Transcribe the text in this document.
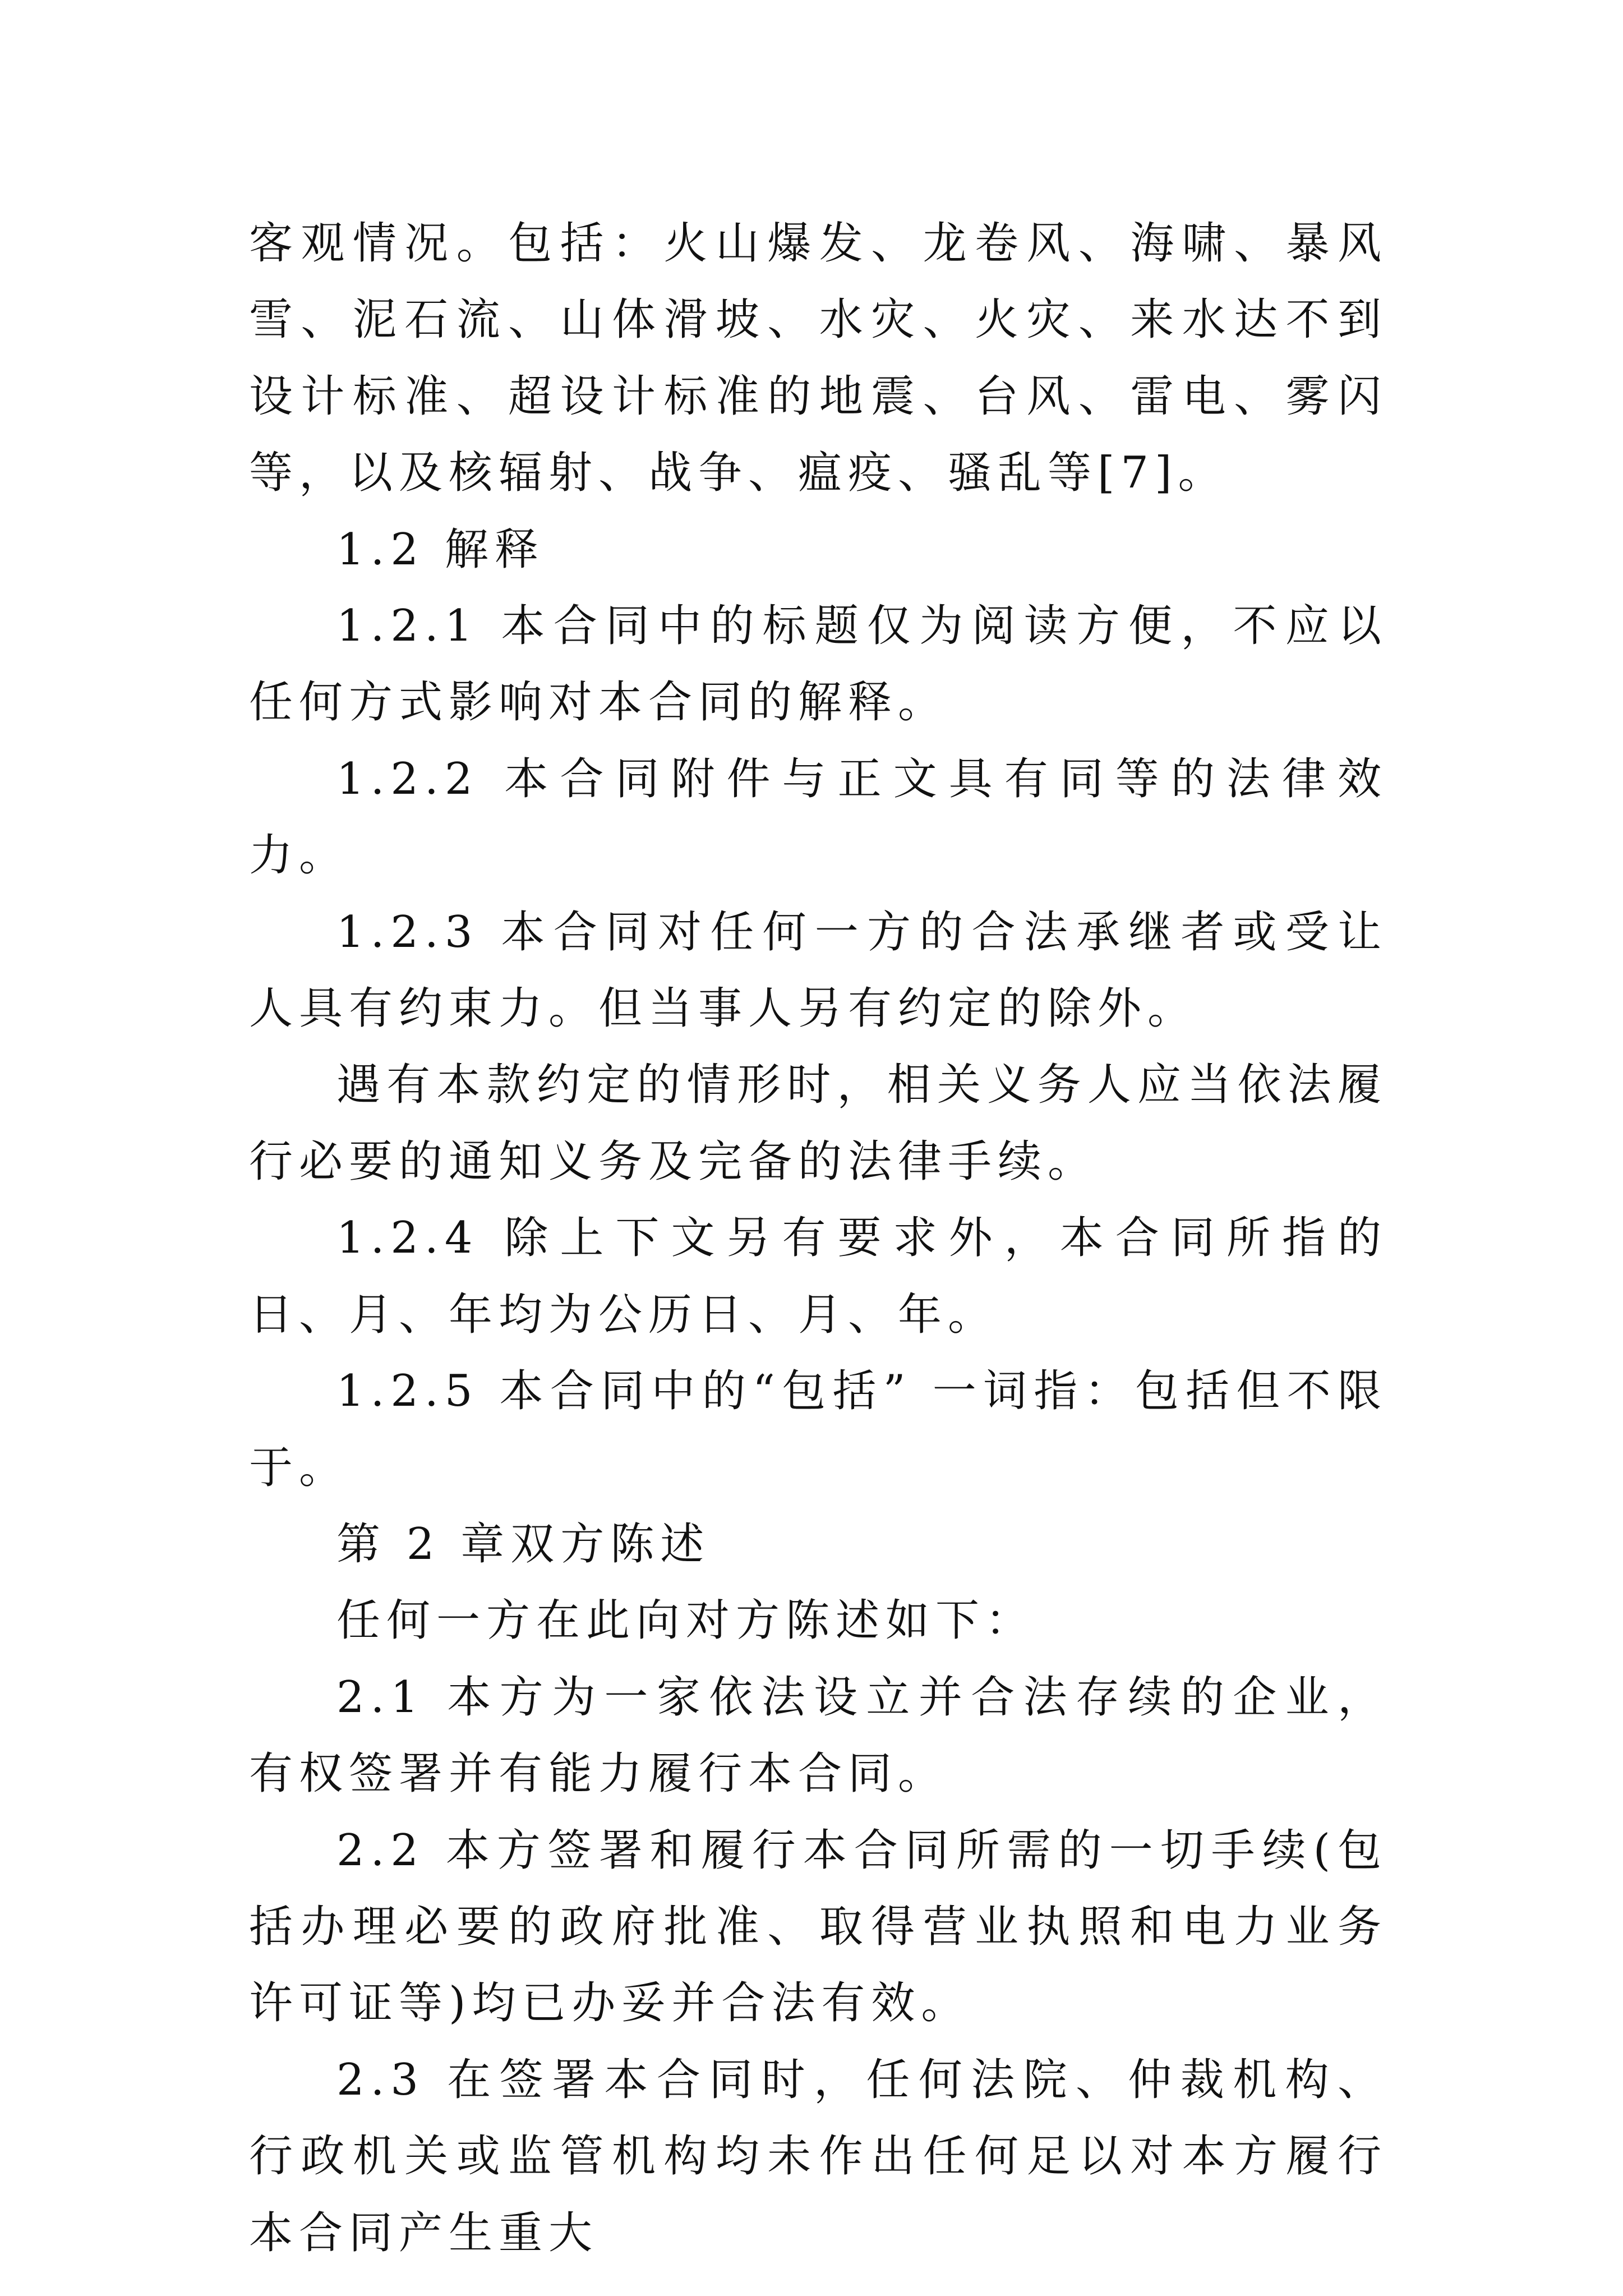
客观情况。包括：火山爆发、龙卷风、海啸、暴风雪、泥石流、山体滑坡、水灾、火灾、来水达不到设计标准、超设计标准的地震、台风、雷电、雾闪等，以及核辐射、战争、瘟疫、骚乱等[7]。

1.2 解释

1.2.1 本合同中的标题仅为阅读方便，不应以任何方式影响对本合同的解释。

1.2.2 本合同附件与正文具有同等的法律效力。

1.2.3 本合同对任何一方的合法承继者或受让人具有约束力。但当事人另有约定的除外。

遇有本款约定的情形时，相关义务人应当依法履行必要的通知义务及完备的法律手续。

1.2.4 除上下文另有要求外，本合同所指的日、月、年均为公历日、月、年。

1.2.5 本合同中的“包括” 一词指：包括但不限于。

第 2 章双方陈述

任何一方在此向对方陈述如下：

2.1 本方为一家依法设立并合法存续的企业，有权签署并有能力履行本合同。

2.2 本方签署和履行本合同所需的一切手续(包括办理必要的政府批准、取得营业执照和电力业务许可证等)均已办妥并合法有效。

2.3 在签署本合同时，任何法院、仲裁机构、行政机关或监管机构均未作出任何足以对本方履行本合同产生重大
